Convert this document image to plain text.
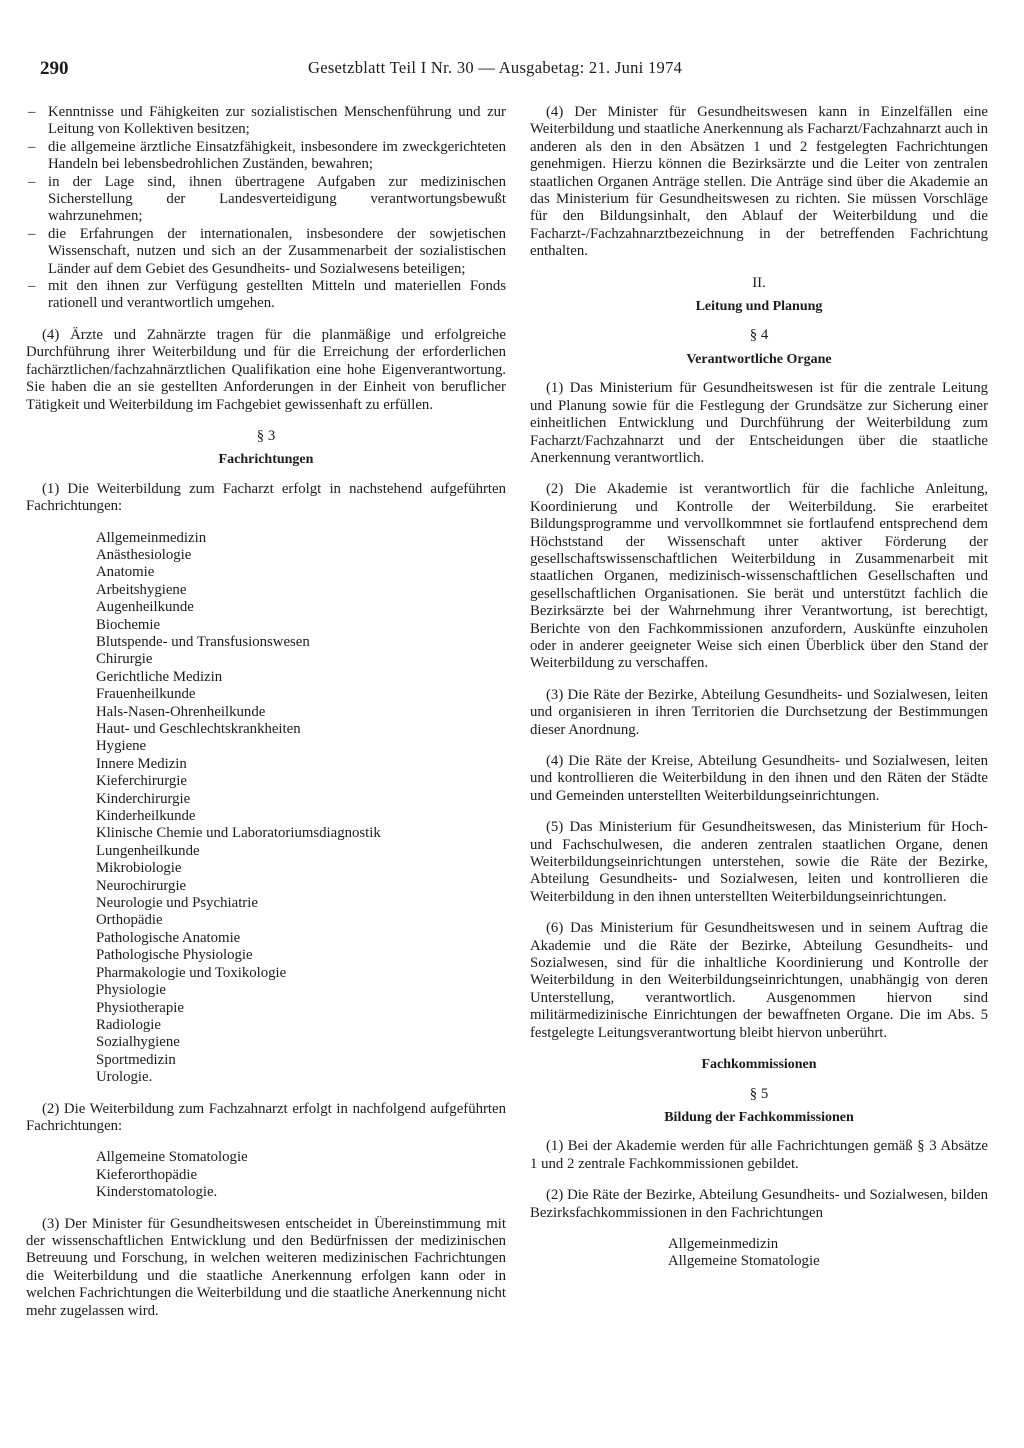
290	Gesetzblatt Teil I Nr. 30 — Ausgabetag: 21. Juni 1974
– Kenntnisse und Fähigkeiten zur sozialistischen Menschenführung und zur Leitung von Kollektiven besitzen;
– die allgemeine ärztliche Einsatzfähigkeit, insbesondere im zweckgerichteten Handeln bei lebensbedrohlichen Zuständen, bewahren;
– in der Lage sind, ihnen übertragene Aufgaben zur medizinischen Sicherstellung der Landesverteidigung verantwortungsbewußt wahrzunehmen;
– die Erfahrungen der internationalen, insbesondere der sowjetischen Wissenschaft, nutzen und sich an der Zusammenarbeit der sozialistischen Länder auf dem Gebiet des Gesundheits- und Sozialwesens beteiligen;
– mit den ihnen zur Verfügung gestellten Mitteln und materiellen Fonds rationell und verantwortlich umgehen.

(4) Ärzte und Zahnärzte tragen für die planmäßige und erfolgreiche Durchführung ihrer Weiterbildung und für die Erreichung der erforderlichen fachärztlichen/fachzahnärztlichen Qualifikation eine hohe Eigenverantwortung. Sie haben die an sie gestellten Anforderungen in der Einheit von beruflicher Tätigkeit und Weiterbildung im Fachgebiet gewissenhaft zu erfüllen.

§ 3
Fachrichtungen

(1) Die Weiterbildung zum Facharzt erfolgt in nachstehend aufgeführten Fachrichtungen:

Allgemeinmedizin
Anästhesiologie
Anatomie
Arbeitshygiene
Augenheilkunde
Biochemie
Blutspende- und Transfusionswesen
Chirurgie
Gerichtliche Medizin
Frauenheilkunde
Hals-Nasen-Ohrenheilkunde
Haut- und Geschlechtskrankheiten
Hygiene
Innere Medizin
Kieferchirurgie
Kinderchirurgie
Kinderheilkunde
Klinische Chemie und Laboratoriumsdiagnostik
Lungenheilkunde
Mikrobiologie
Neurochirurgie
Neurologie und Psychiatrie
Orthopädie
Pathologische Anatomie
Pathologische Physiologie
Pharmakologie und Toxikologie
Physiologie
Physiotherapie
Radiologie
Sozialhygiene
Sportmedizin
Urologie.

(2) Die Weiterbildung zum Fachzahnarzt erfolgt in nachfolgend aufgeführten Fachrichtungen:

Allgemeine Stomatologie
Kieferorthopädie
Kinderstomatologie.

(3) Der Minister für Gesundheitswesen entscheidet in Übereinstimmung mit der wissenschaftlichen Entwicklung und den Bedürfnissen der medizinischen Betreuung und Forschung, in welchen weiteren medizinischen Fachrichtungen die Weiterbildung und die staatliche Anerkennung erfolgen kann oder in welchen Fachrichtungen die Weiterbildung und die staatliche Anerkennung nicht mehr zugelassen wird.

(4) Der Minister für Gesundheitswesen kann in Einzelfällen eine Weiterbildung und staatliche Anerkennung als Facharzt/Fachzahnarzt auch in anderen als den in den Absätzen 1 und 2 festgelegten Fachrichtungen genehmigen. Hierzu können die Bezirksärzte und die Leiter von zentralen staatlichen Organen Anträge stellen. Die Anträge sind über die Akademie an das Ministerium für Gesundheitswesen zu richten. Sie müssen Vorschläge für den Bildungsinhalt, den Ablauf der Weiterbildung und die Facharzt-/Fachzahnarztbezeichnung in der betreffenden Fachrichtung enthalten.

II.
Leitung und Planung
§ 4
Verantwortliche Organe

(1) Das Ministerium für Gesundheitswesen ist für die zentrale Leitung und Planung sowie für die Festlegung der Grundsätze zur Sicherung einer einheitlichen Entwicklung und Durchführung der Weiterbildung zum Facharzt/Fachzahnarzt und der Entscheidungen über die staatliche Anerkennung verantwortlich.

(2) Die Akademie ist verantwortlich für die fachliche Anleitung, Koordinierung und Kontrolle der Weiterbildung. Sie erarbeitet Bildungsprogramme und vervollkommnet sie fortlaufend entsprechend dem Höchststand der Wissenschaft unter aktiver Förderung der gesellschaftswissenschaftlichen Weiterbildung in Zusammenarbeit mit staatlichen Organen, medizinisch-wissenschaftlichen Gesellschaften und gesellschaftlichen Organisationen. Sie berät und unterstützt fachlich die Bezirksärzte bei der Wahrnehmung ihrer Verantwortung, ist berechtigt, Berichte von den Fachkommissionen anzufordern, Auskünfte einzuholen oder in anderer geeigneter Weise sich einen Überblick über den Stand der Weiterbildung zu verschaffen.

(3) Die Räte der Bezirke, Abteilung Gesundheits- und Sozialwesen, leiten und organisieren in ihren Territorien die Durchsetzung der Bestimmungen dieser Anordnung.

(4) Die Räte der Kreise, Abteilung Gesundheits- und Sozialwesen, leiten und kontrollieren die Weiterbildung in den ihnen und den Räten der Städte und Gemeinden unterstellten Weiterbildungseinrichtungen.

(5) Das Ministerium für Gesundheitswesen, das Ministerium für Hoch- und Fachschulwesen, die anderen zentralen staatlichen Organe, denen Weiterbildungseinrichtungen unterstehen, sowie die Räte der Bezirke, Abteilung Gesundheits- und Sozialwesen, leiten und kontrollieren die Weiterbildung in den ihnen unterstellten Weiterbildungseinrichtungen.

(6) Das Ministerium für Gesundheitswesen und in seinem Auftrag die Akademie und die Räte der Bezirke, Abteilung Gesundheits- und Sozialwesen, sind für die inhaltliche Koordinierung und Kontrolle der Weiterbildung in den Weiterbildungseinrichtungen, unabhängig von deren Unterstellung, verantwortlich. Ausgenommen hiervon sind militärmedizinische Einrichtungen der bewaffneten Organe. Die im Abs. 5 festgelegte Leitungsverantwortung bleibt hiervon unberührt.

Fachkommissionen
§ 5
Bildung der Fachkommissionen

(1) Bei der Akademie werden für alle Fachrichtungen gemäß § 3 Absätze 1 und 2 zentrale Fachkommissionen gebildet.

(2) Die Räte der Bezirke, Abteilung Gesundheits- und Sozialwesen, bilden Bezirksfachkommissionen in den Fachrichtungen

Allgemeinmedizin
Allgemeine Stomatologie
